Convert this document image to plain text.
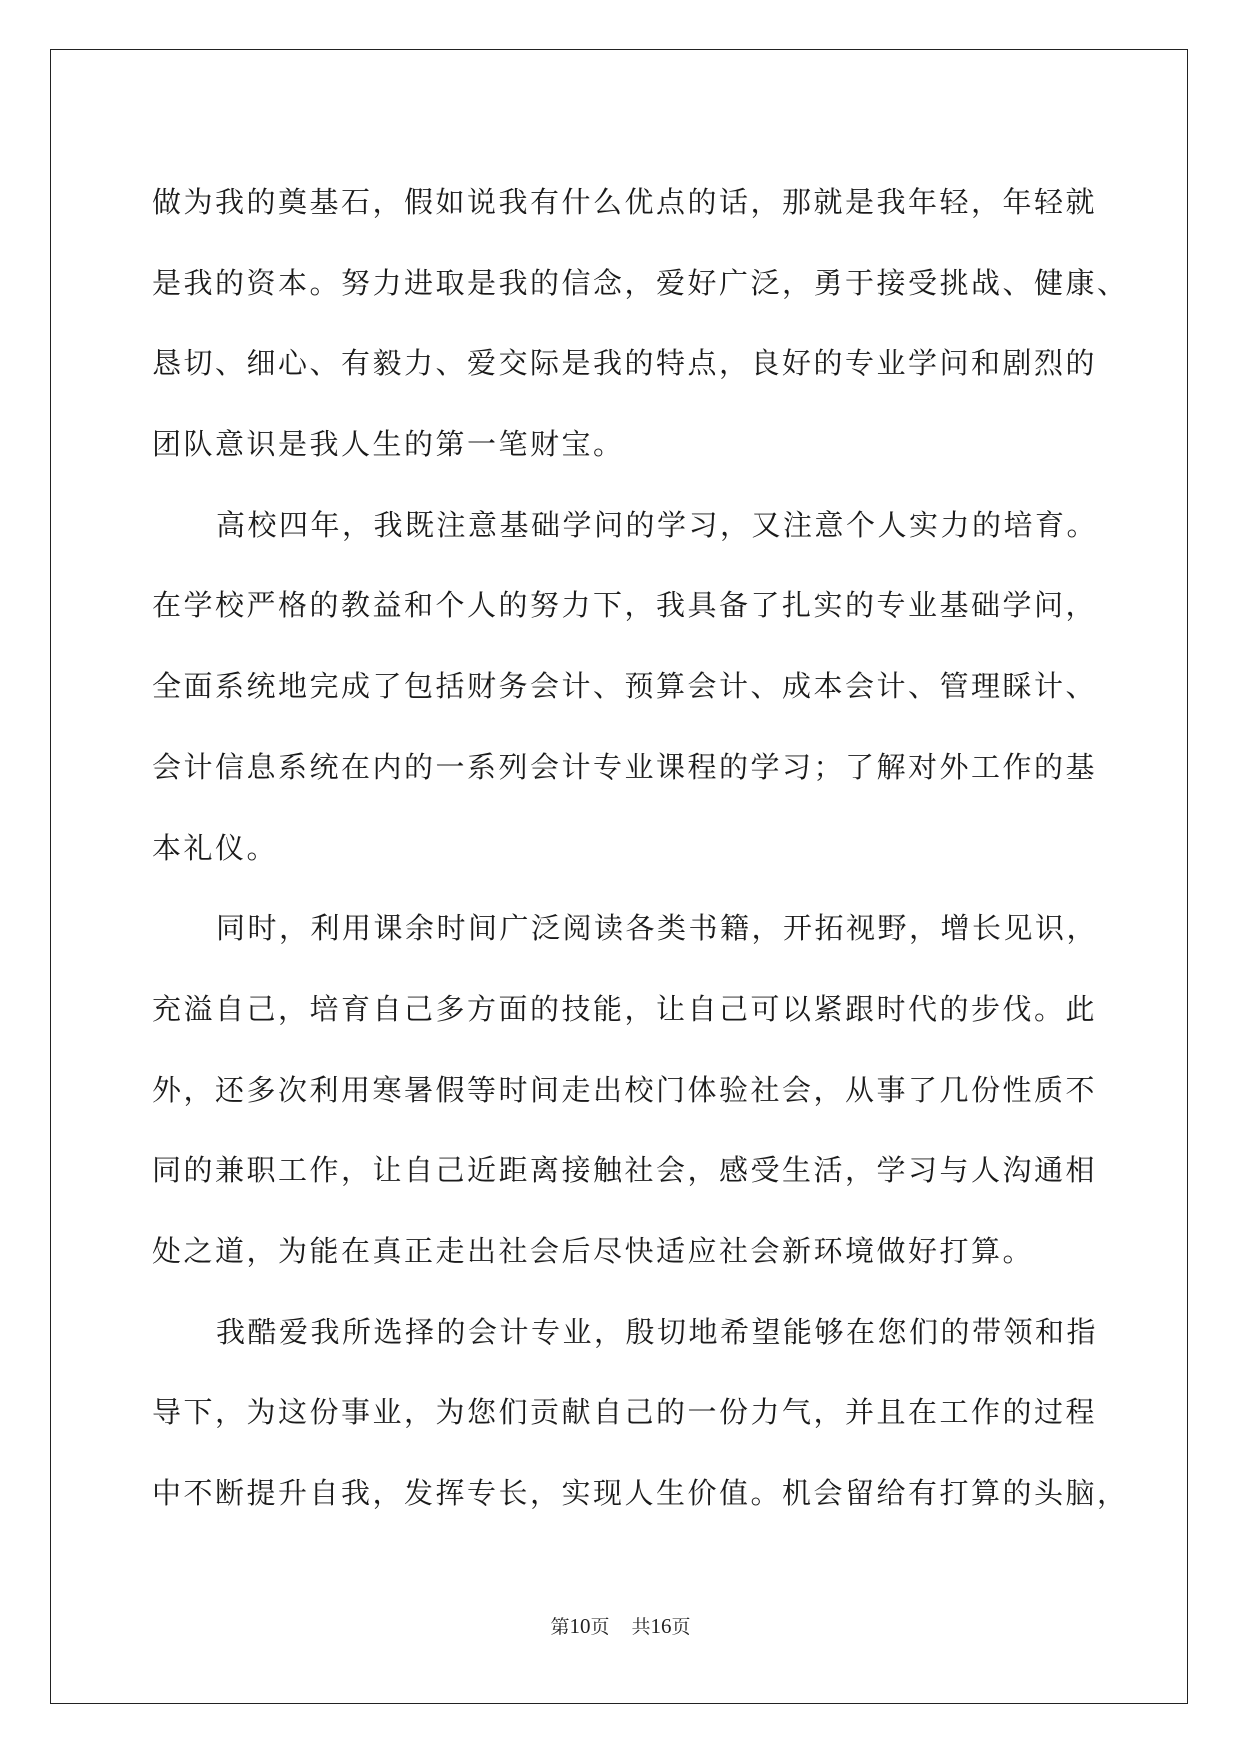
做为我的奠基石，假如说我有什么优点的话，那就是我年轻，年轻就
是我的资本。努力进取是我的信念，爱好广泛，勇于接受挑战、健康、
恳切、细心、有毅力、爱交际是我的特点，良好的专业学问和剧烈的
团队意识是我人生的第一笔财宝。
高校四年，我既注意基础学问的学习，又注意个人实力的培育。
在学校严格的教益和个人的努力下，我具备了扎实的专业基础学问，
全面系统地完成了包括财务会计、预算会计、成本会计、管理睬计、
会计信息系统在内的一系列会计专业课程的学习；了解对外工作的基
本礼仪。
同时，利用课余时间广泛阅读各类书籍，开拓视野，增长见识，
充溢自己，培育自己多方面的技能，让自己可以紧跟时代的步伐。此
外，还多次利用寒暑假等时间走出校门体验社会，从事了几份性质不
同的兼职工作，让自己近距离接触社会，感受生活，学习与人沟通相
处之道，为能在真正走出社会后尽快适应社会新环境做好打算。
我酷爱我所选择的会计专业，殷切地希望能够在您们的带领和指
导下，为这份事业，为您们贡献自己的一份力气，并且在工作的过程
中不断提升自我，发挥专长，实现人生价值。机会留给有打算的头脑，
第10页 共16页
